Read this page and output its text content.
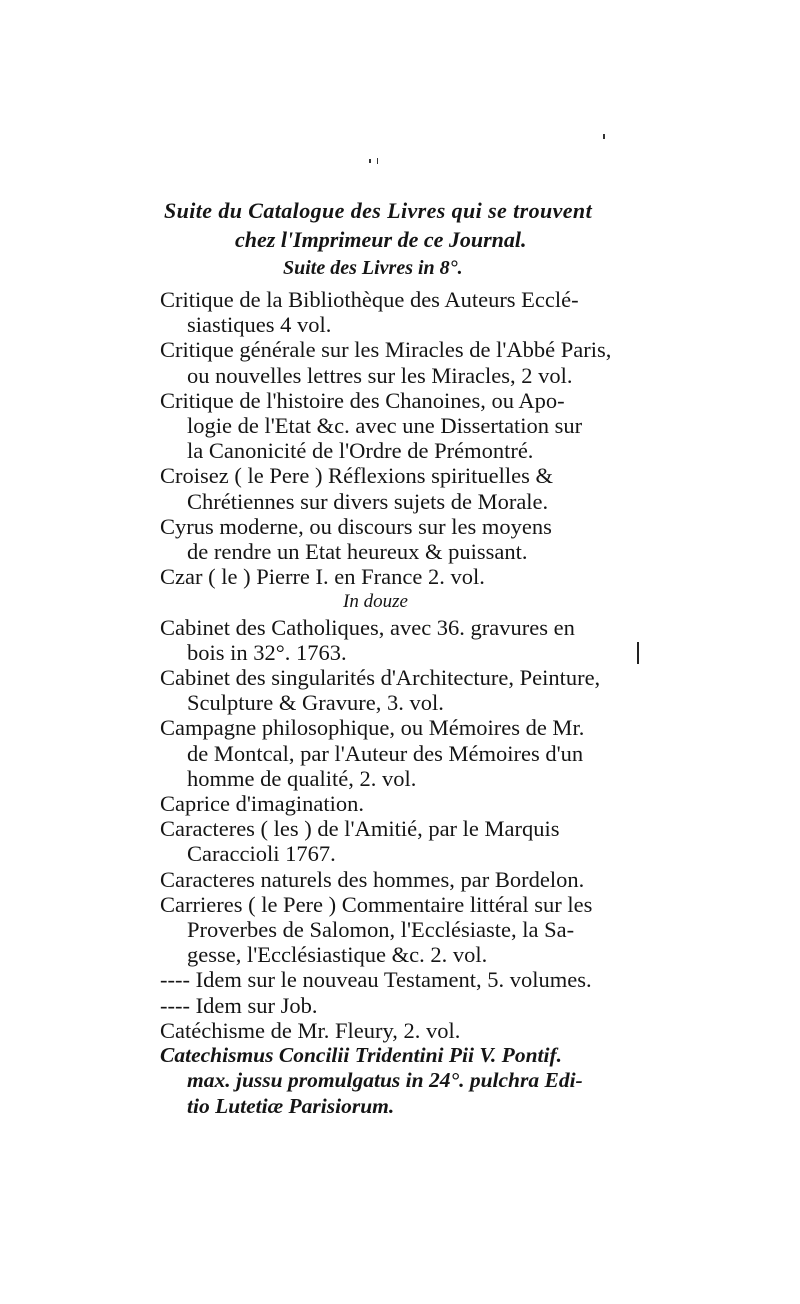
Suite du Catalogue des Livres qui se trouvent
chez l'Imprimeur de ce Journal.
Suite des Livres in 8°.
Critique de la Bibliothèque des Auteurs Ecclé-
siastiques 4 vol.
Critique générale sur les Miracles de l'Abbé Paris,
ou nouvelles lettres sur les Miracles, 2 vol.
Critique de l'histoire des Chanoines, ou Apo-
logie de l'Etat &c. avec une Dissertation sur
la Canonicité de l'Ordre de Prémontré.
Croisez ( le Pere ) Réflexions spirituelles &
Chrétiennes sur divers sujets de Morale.
Cyrus moderne, ou discours sur les moyens
de rendre un Etat heureux & puissant.
Czar ( le ) Pierre I. en France 2. vol.
In douze
Cabinet des Catholiques, avec 36. gravures en
bois in 32°. 1763.
Cabinet des singularités d'Architecture, Peinture,
Sculpture & Gravure, 3. vol.
Campagne philosophique, ou Mémoires de Mr.
de Montcal, par l'Auteur des Mémoires d'un
homme de qualité, 2. vol.
Caprice d'imagination.
Caracteres ( les ) de l'Amitié, par le Marquis
Caraccioli 1767.
Caracteres naturels des hommes, par Bordelon.
Carrieres ( le Pere ) Commentaire littéral sur les
Proverbes de Salomon, l'Ecclésiaste, la Sa-
gesse, l'Ecclésiastique &c. 2. vol.
---- Idem sur le nouveau Testament, 5. volumes.
---- Idem sur Job.
Catéchisme de Mr. Fleury, 2. vol.
Catechismus Concilii Tridentini Pii V. Pontif.
max. jussu promulgatus in 24°. pulchra Edi-
tio Lutetiæ Parisiorum.
